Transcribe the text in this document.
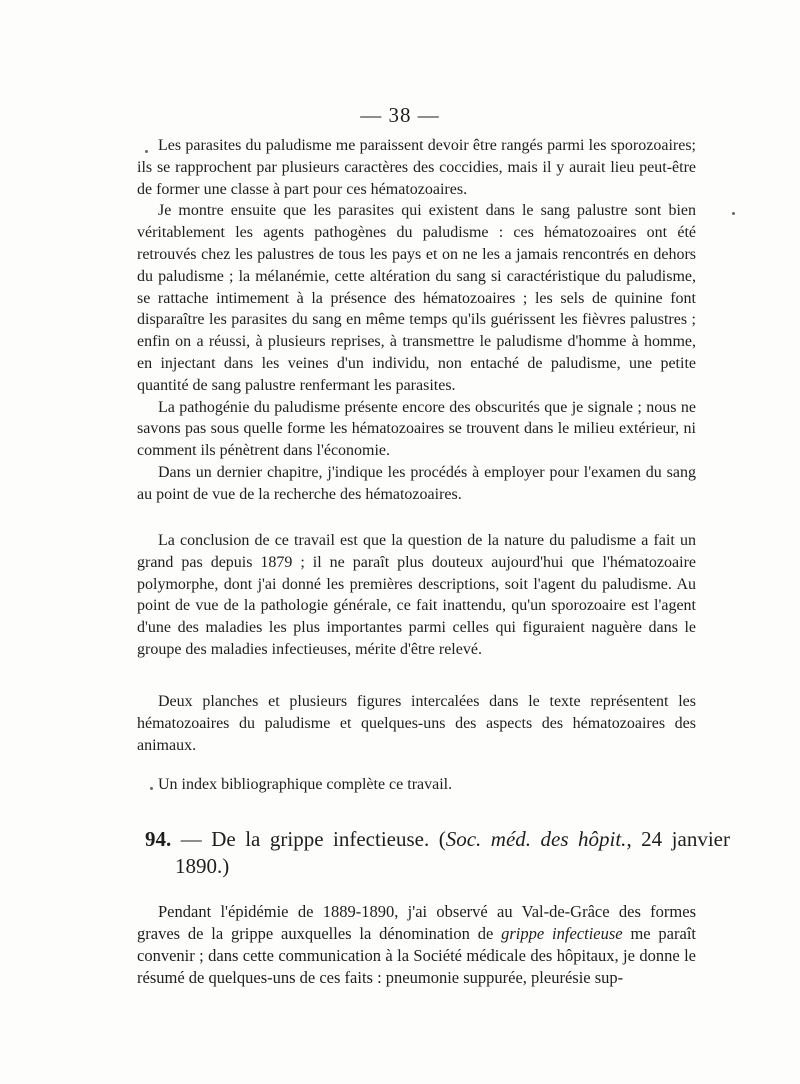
— 38 —

Les parasites du paludisme me paraissent devoir être rangés parmi les sporozoaires; ils se rapprochent par plusieurs caractères des coccidies, mais il y aurait lieu peut-être de former une classe à part pour ces hématozoaires.

Je montre ensuite que les parasites qui existent dans le sang palustre sont bien véritablement les agents pathogènes du paludisme : ces hématozoaires ont été retrouvés chez les palustres de tous les pays et on ne les a jamais rencontrés en dehors du paludisme ; la mélanémie, cette altération du sang si caractéristique du paludisme, se rattache intimement à la présence des hématozoaires ; les sels de quinine font disparaître les parasites du sang en même temps qu'ils guérissent les fièvres palustres ; enfin on a réussi, à plusieurs reprises, à transmettre le paludisme d'homme à homme, en injectant dans les veines d'un individu, non entaché de paludisme, une petite quantité de sang palustre renfermant les parasites.

La pathogénie du paludisme présente encore des obscurités que je signale ; nous ne savons pas sous quelle forme les hématozoaires se trouvent dans le milieu extérieur, ni comment ils pénètrent dans l'économie.

Dans un dernier chapitre, j'indique les procédés à employer pour l'examen du sang au point de vue de la recherche des hématozoaires.

La conclusion de ce travail est que la question de la nature du paludisme a fait un grand pas depuis 1879 ; il ne paraît plus douteux aujourd'hui que l'hématozoaire polymorphe, dont j'ai donné les premières descriptions, soit l'agent du paludisme. Au point de vue de la pathologie générale, ce fait inattendu, qu'un sporozoaire est l'agent d'une des maladies les plus importantes parmi celles qui figuraient naguère dans le groupe des maladies infectieuses, mérite d'être relevé.

Deux planches et plusieurs figures intercalées dans le texte représentent les hématozoaires du paludisme et quelques-uns des aspects des hématozoaires des animaux.

Un index bibliographique complète ce travail.

94. — De la grippe infectieuse. (Soc. méd. des hôpit., 24 janvier 1890.)

Pendant l'épidémie de 1889-1890, j'ai observé au Val-de-Grâce des formes graves de la grippe auxquelles la dénomination de grippe infectieuse me paraît convenir ; dans cette communication à la Société médicale des hôpitaux, je donne le résumé de quelques-uns de ces faits : pneumonie suppurée, pleurésie sup-
